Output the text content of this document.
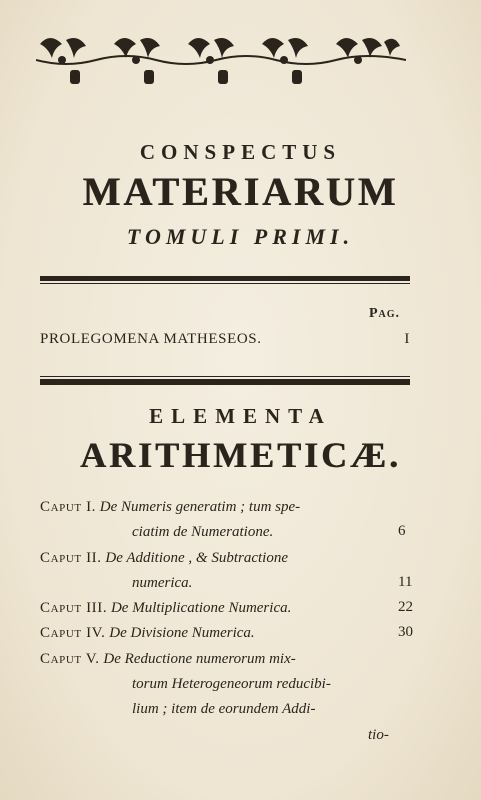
CONSPECTUS
MATERIARUM
TOMULI PRIMI.
Pag.
PROLEGOMENA MATHESEOS.	I
ELEMENTA
ARITHMETICÆ.
Caput I. De Numeris generatim ; tum spe-
ciatim de Numeratione.	6
Caput II. De Additione , & Subtractione
numerica.	11
Caput III. De Multiplicatione Numerica.	22
Caput IV. De Divisione Numerica.	30
Caput V. De Reductione numerorum mix-
torum Heterogeneorum reducibi-
lium ; item de eorundem Addi-
tio-
